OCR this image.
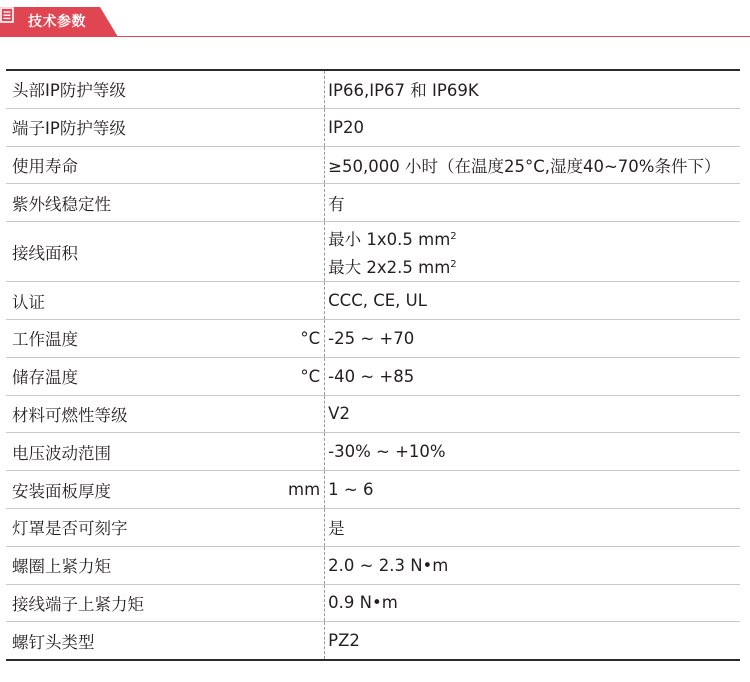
技术参数
头部IP防护等级		IP66,IP67 和 IP69K
端子IP防护等级		IP20
使用寿命		≥50,000 小时（在温度25°C,湿度40~70%条件下）
紫外线稳定性		有
接线面积		最小 1x0.5 $mm^2$
最大 2x2.5 $mm^2$

认证		CCC, CE, UL
工作温度	°C	-25 ~ +70
储存温度	°C	-40 ~ +85
材料可燃性等级		V2
电压波动范围		-30% ~ +10%
安装面板厚度	mm	1 ~ 6
灯罩是否可刻字		是
螺圈上紧力矩		2.0 ~ 2.3 N•m
接线端子上紧力矩		0.9 N•m
螺钉头类型		PZ2
